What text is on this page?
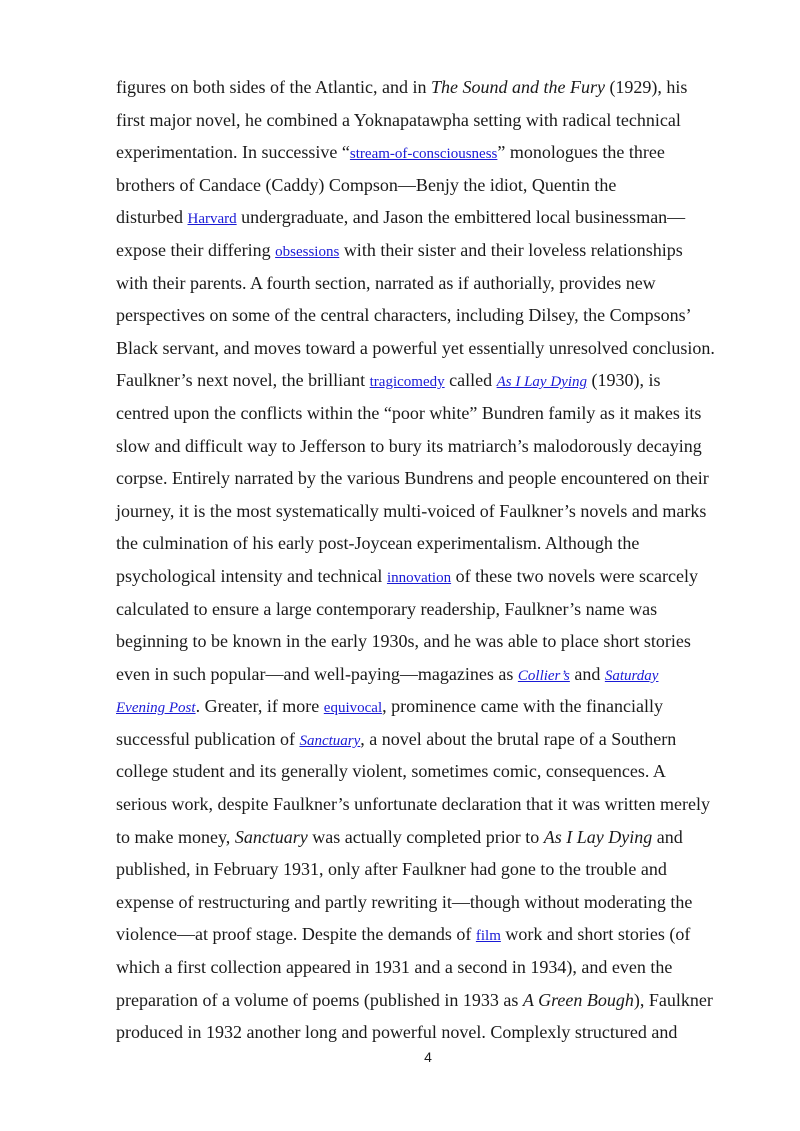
figures on both sides of the Atlantic, and in The Sound and the Fury (1929), his
first major novel, he combined a Yoknapatawpha setting with radical technical
experimentation. In successive “stream-of-consciousness” monologues the three
brothers of Candace (Caddy) Compson—Benjy the idiot, Quentin the
disturbed Harvard undergraduate, and Jason the embittered local businessman—
expose their differing obsessions with their sister and their loveless relationships
with their parents. A fourth section, narrated as if authorially, provides new
perspectives on some of the central characters, including Dilsey, the Compsons’
Black servant, and moves toward a powerful yet essentially unresolved conclusion.
Faulkner’s next novel, the brilliant tragicomedy called As I Lay Dying (1930), is
centred upon the conflicts within the “poor white” Bundren family as it makes its
slow and difficult way to Jefferson to bury its matriarch’s malodorously decaying
corpse. Entirely narrated by the various Bundrens and people encountered on their
journey, it is the most systematically multi-voiced of Faulkner’s novels and marks
the culmination of his early post-Joycean experimentalism. Although the
psychological intensity and technical innovation of these two novels were scarcely
calculated to ensure a large contemporary readership, Faulkner’s name was
beginning to be known in the early 1930s, and he was able to place short stories
even in such popular—and well-paying—magazines as Collier’s and Saturday
Evening Post. Greater, if more equivocal, prominence came with the financially
successful publication of Sanctuary, a novel about the brutal rape of a Southern
college student and its generally violent, sometimes comic, consequences. A
serious work, despite Faulkner’s unfortunate declaration that it was written merely
to make money, Sanctuary was actually completed prior to As I Lay Dying and
published, in February 1931, only after Faulkner had gone to the trouble and
expense of restructuring and partly rewriting it—though without moderating the
violence—at proof stage. Despite the demands of film work and short stories (of
which a first collection appeared in 1931 and a second in 1934), and even the
preparation of a volume of poems (published in 1933 as A Green Bough), Faulkner
produced in 1932 another long and powerful novel. Complexly structured and
4
